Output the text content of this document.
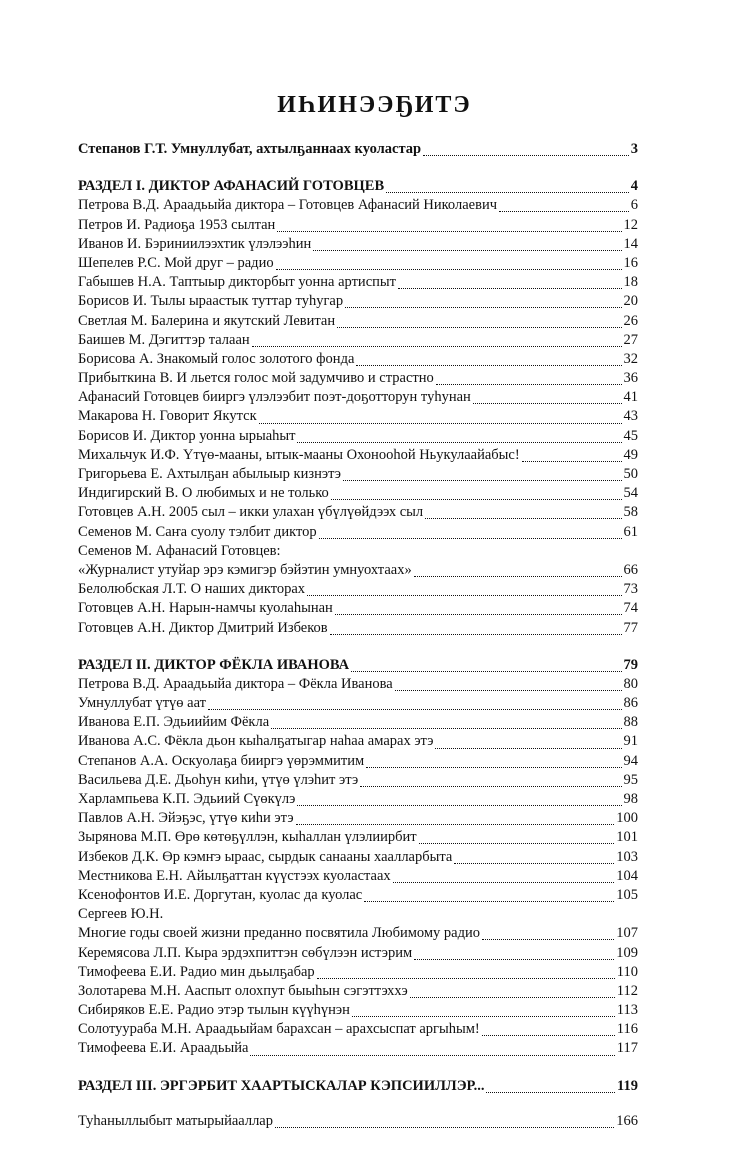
ИҺИНЭЭҔИТЭ
Степанов Г.Т. Умнуллубат, ахтылҕаннаах куоластар	3
РАЗДЕЛ I. ДИКТОР АФАНАСИЙ ГОТОВЦЕВ	4
Петрова В.Д. Араадьыйа диктора – Готовцев Афанасий Николаевич	6
Петров И. Радиоҕа 1953 сылтан	12
Иванов И. Бэриниилээхтик үлэлээһин	14
Шепелев Р.С. Мой друг – радио	16
Габышев Н.А. Таптыыр дикторбыт уонна артиспыт	18
Борисов И. Тылы ыраастык туттар туһугар	20
Светлая М. Балерина и якутский Левитан	26
Баишев М. Дэгиттэр талаан	27
Борисова А. Знакомый голос золотого фонда	32
Прибыткина В. И льется голос мой задумчиво и страстно	36
Афанасий Готовцев биир​гэ үлэлээбит поэт-доҕотторун туһунан	41
Макарова Н. Говорит Якутск	43
Борисов И. Диктор уонна ырыаһыт	45
Михальчук И.Ф. Үтүө-мааны, ытык-мааны Охонооһой Ньукулаайабыс!	49
Григорьева Е. Ахтылҕан абылыыр кизнэтэ	50
Индигирский В. О любимых и не только	54
Готовцев А.Н. 2005 сыл – икки улахан үбүлүөйдээх сыл	58
Семенов М. Саҥа суолу тэлбит диктор	61
Семенов М. Афанасий Готовцев:
«Журналист утуйар эрэ кэмигэр бэйэтин умнуохтаах»	66
Белолюбская Л.Т. О наших дикторах	73
Готовцев А.Н. Нарын-намчы куолаһынан	74
Готовцев А.Н. Диктор Дмитрий Избеков	77
РАЗДЕЛ II. ДИКТОР ФЁКЛА ИВАНОВА	79
Петрова В.Д. Араадьыйа диктора – Фёкла Иванова	80
Умнуллубат үтүө аат	86
Иванова Е.П. Эдьиийим Фёкла	88
Иванова А.С. Фёкла дьон кыһалҕатыгар наһаа амарах этэ	91
Степанов А.А. Оскуолаҕа биир​гэ үөрэммитим	94
Васильева Д.Е. Дьоһун киһи, үтүө үлэһит этэ	95
Харлампьева К.П. Эдьиий Сүөкүлэ	98
Павлов А.Н. Эйэҕэс, үтүө киһи этэ	100
Зырянова М.П. Өрө көтөҕүллэн, кыһаллан үлэлиирбит	101
Избеков Д.К. Өр кэмҥэ ыраас, сырдык санааны хааллар​быта	103
Местникова Е.Н. Айылҕаттан күүстээх куоластаах	104
Ксенофонтов И.Е. Доргутан, куолас да куолас	105
Сергеев Ю.Н.
Многие годы своей жизни преданно посвятила Любимому радио	107
Керемясова Л.П. Кыра эрдэхпиттэн сөбүлээн истэрим	109
Тимофеева Е.И. Радио мин дьылҕабар	110
Золотарева М.Н. Ааспыт олохпут быыһын сэгэттэххэ	112
Сибиряков Е.Е. Радио этэр тылын күүһүнэн	113
Солотуураба М.Н. Араадьыйам барахсан – арахсыспат аргыһым!	116
Тимофеева Е.И. Араадьыйа	117
РАЗДЕЛ III. ЭРГЭРБИТ ХААРТЫСКАЛАР КЭПСИИЛЛЭР...	119
Туһаныллыбыт матырыйааллар	166
